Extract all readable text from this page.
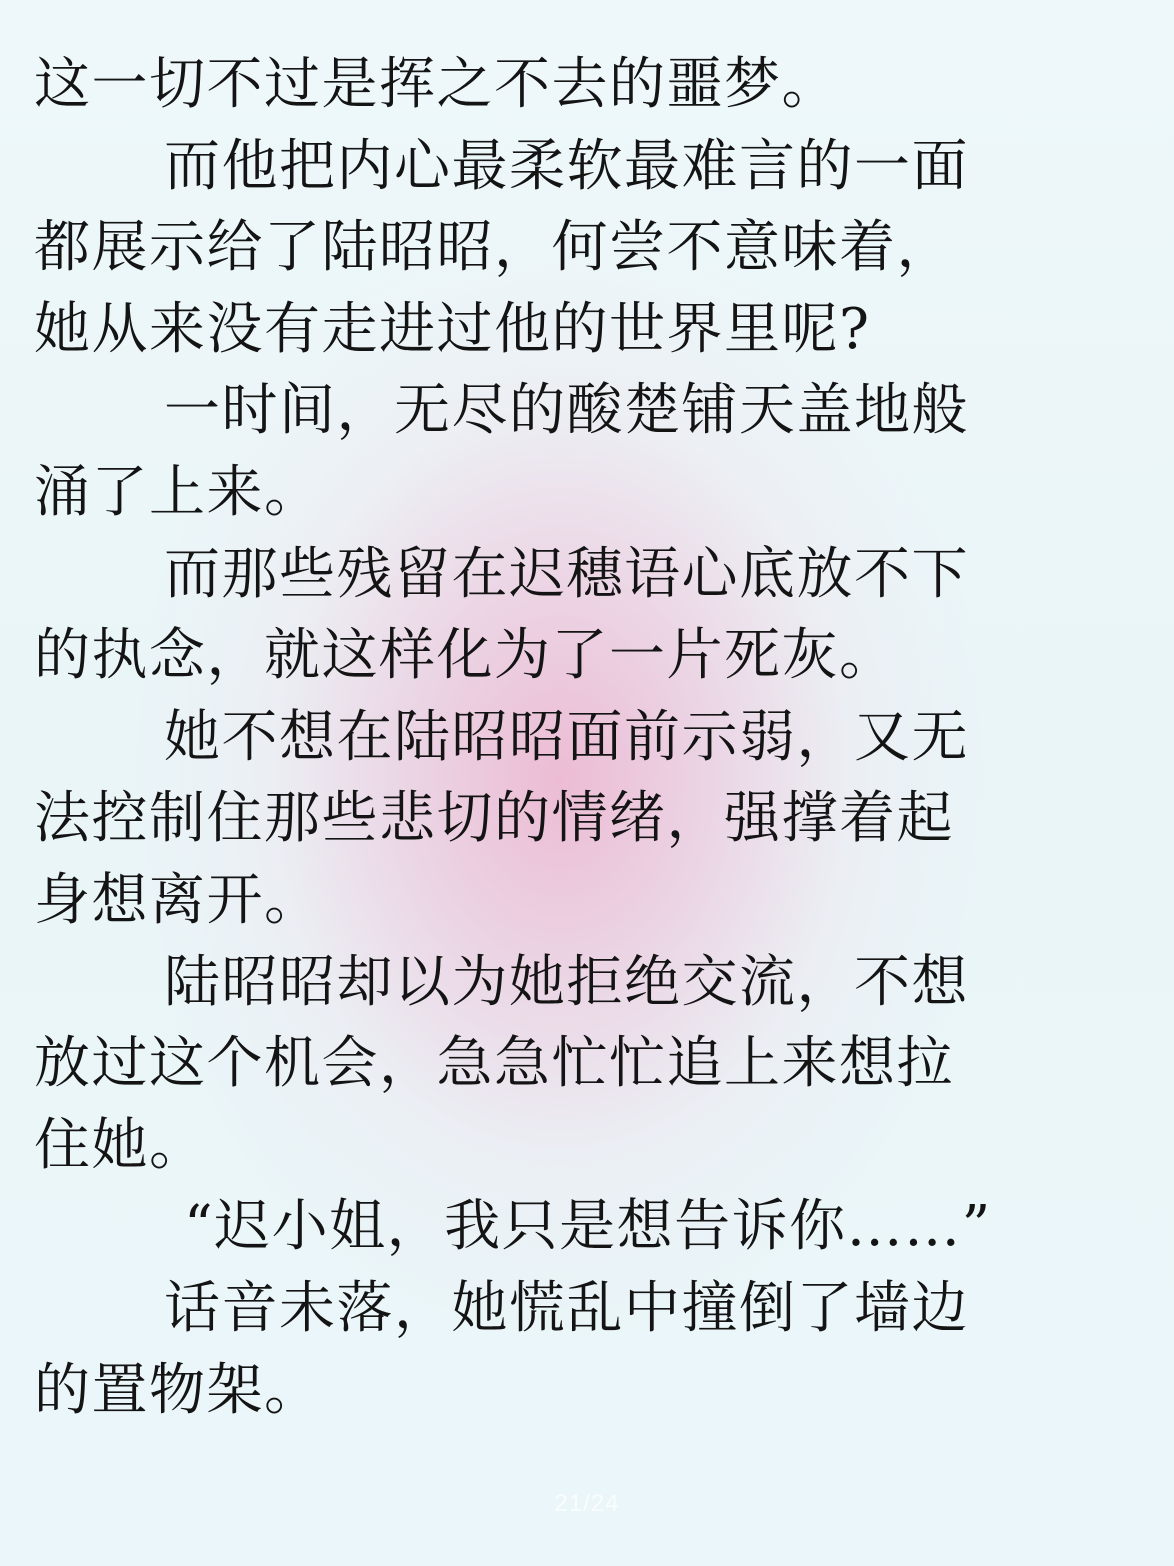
这一切不过是挥之不去的噩梦。
而他把内心最柔软最难言的一面
都展示给了陆昭昭，何尝不意味着，
她从来没有走进过他的世界里呢?
一时间，无尽的酸楚铺天盖地般
涌了上来。
而那些残留在迟穗语心底放不下
的执念，就这样化为了一片死灰。
她不想在陆昭昭面前示弱，又无
法控制住那些悲切的情绪，强撑着起
身想离开。
陆昭昭却以为她拒绝交流，不想
放过这个机会，急急忙忙追上来想拉
住她。
“迟小姐，我只是想告诉你……”
话音未落，她慌乱中撞倒了墙边
的置物架。
21/24
